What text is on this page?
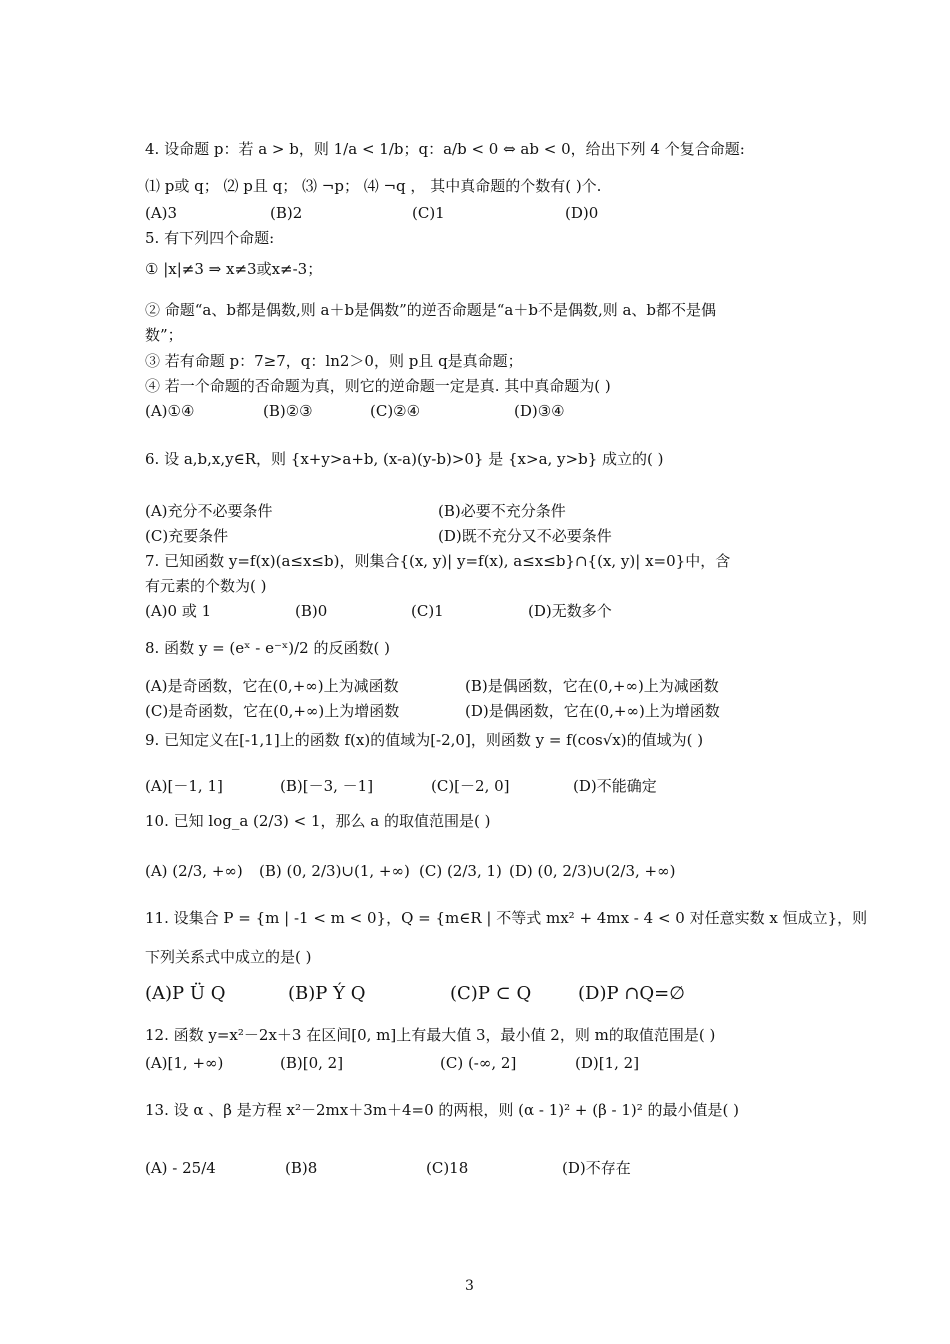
4. 设命题 p：若 a > b，则 1/a < 1/b；q：a/b < 0 ⇔ ab < 0，给出下列 4 个复合命题:
⑴ p或 q； ⑵ p且 q； ⑶ ¬p； ⑷ ¬q ， 其中真命题的个数有( )个.
(A)3	(B)2	(C)1	(D)0
5. 有下列四个命题:
① |x|≠3 ⇒ x≠3或x≠-3；
② 命题“a、b都是偶数,则 a＋b是偶数”的逆否命题是“a＋b不是偶数,则 a、b都不是偶
数”；
③ 若有命题 p：7≥7，q：ln2＞0，则 p且 q是真命题；
④ 若一个命题的否命题为真，则它的逆命题一定是真. 其中真命题为( )
(A)①④	(B)②③	(C)②④	(D)③④
6. 设 a,b,x,y∈R，则 {x+y>a+b, (x-a)(y-b)>0} 是 {x>a, y>b} 成立的( )
(A)充分不必要条件	(B)必要不充分条件
(C)充要条件	(D)既不充分又不必要条件
7. 已知函数 y=f(x)(a≤x≤b)，则集合{(x, y)| y=f(x), a≤x≤b}∩{(x, y)| x=0}中，含
有元素的个数为( )
(A)0 或 1	(B)0	(C)1	(D)无数多个
8. 函数 y = (eˣ - e⁻ˣ)/2 的反函数( )
(A)是奇函数，它在(0,+∞)上为减函数	(B)是偶函数，它在(0,+∞)上为减函数
(C)是奇函数，它在(0,+∞)上为增函数	(D)是偶函数，它在(0,+∞)上为增函数
9. 已知定义在[-1,1]上的函数 f(x)的值域为[-2,0]，则函数 y = f(cos√x)的值域为( )
(A)[－1, 1]	(B)[－3, －1]	(C)[－2, 0]	(D)不能确定
10. 已知 log_a (2/3) < 1，那么 a 的取值范围是( )
(A) (2/3, +∞) (B) (0, 2/3)∪(1, +∞) (C) (2/3, 1) (D) (0, 2/3)∪(2/3, +∞)
11. 设集合 P = {m | -1 < m < 0}，Q = {m∈R | 不等式 mx² + 4mx - 4 < 0 对任意实数 x 恒成立}，则
下列关系式中成立的是( )
(A)P Ü Q	(B)P Ý Q	(C)P ⊂ Q	(D)P ∩Q=∅
12. 函数 y=x²－2x＋3 在区间[0, m]上有最大值 3，最小值 2，则 m的取值范围是( )
(A)[1, +∞)	(B)[0, 2]	(C) (-∞, 2]	(D)[1, 2]
13. 设 α 、β 是方程 x²－2mx＋3m＋4=0 的两根，则 (α - 1)² + (β - 1)² 的最小值是( )
(A) - 25/4	(B)8	(C)18	(D)不存在
3
